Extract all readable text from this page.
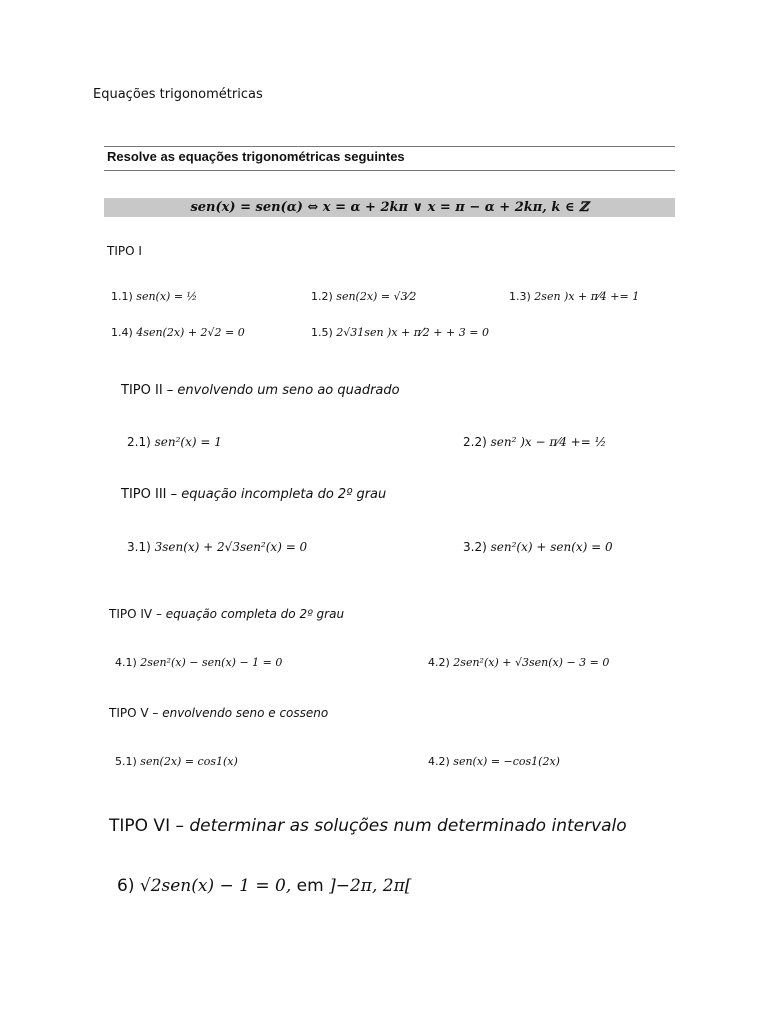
Equações trigonométricas
Resolve as equações trigonométricas seguintes
sen(x) = sen(α) ⇔ x = α + 2kπ ∨ x = π − α + 2kπ, k ∈ ℤ
TIPO I
1.1) sen(x) = ½	1.2) sen(2x) = √3⁄2	1.3) 2sen )x + π⁄4 += 1
1.4) 4sen(2x) + 2√2 = 0	1.5) 2√31sen )x + π⁄2 + + 3 = 0
TIPO II – envolvendo um seno ao quadrado
2.1) sen²(x) = 1	2.2) sen² )x − π⁄4 += ½
TIPO III – equação incompleta do 2º grau
3.1) 3sen(x) + 2√3sen²(x) = 0	3.2) sen²(x) + sen(x) = 0
TIPO IV – equação completa do 2º grau
4.1) 2sen²(x) − sen(x) − 1 = 0	4.2) 2sen²(x) + √3sen(x) − 3 = 0
TIPO V – envolvendo seno e cosseno
5.1) sen(2x) = cos1(x)	4.2) sen(x) = −cos1(2x)
TIPO VI – determinar as soluções num determinado intervalo
6) √2sen(x) − 1 = 0, em ]−2π, 2π[
